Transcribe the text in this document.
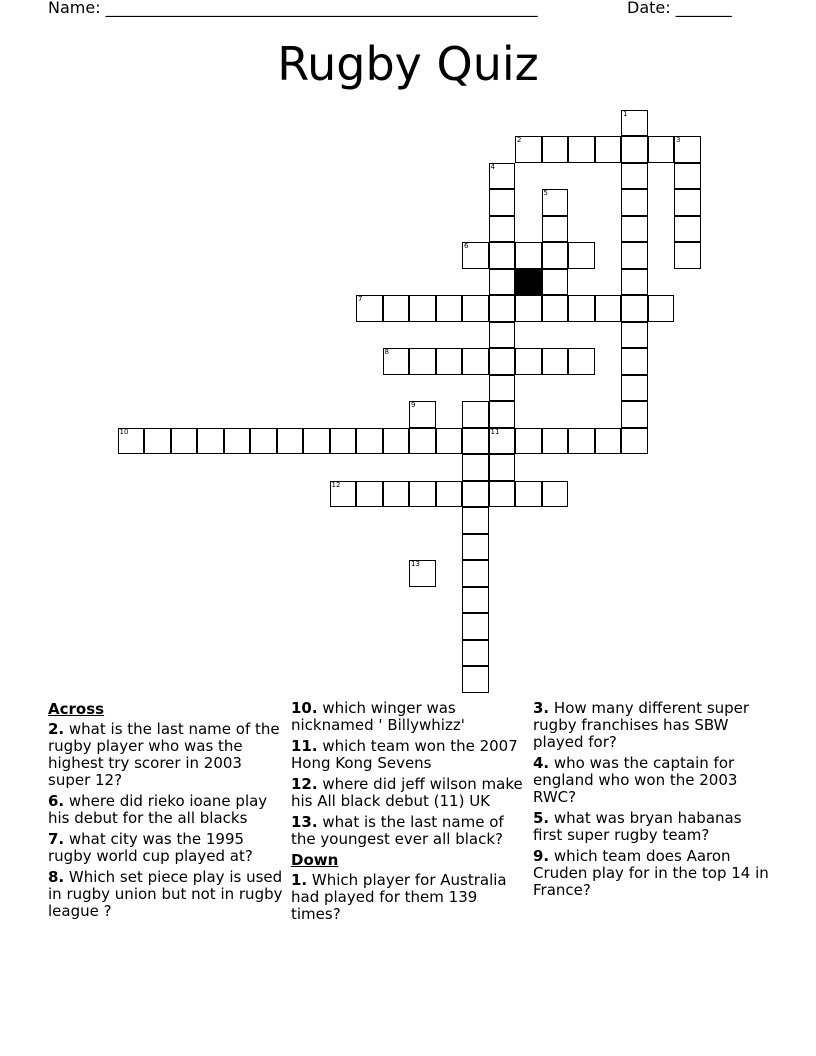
Name: ______________________________________________________	Date: _______
Rugby Quiz
1
2	3
4
5
6
7
8
10	11
12
9
13
Across
2. what is the last name of the rugby player who was the highest try scorer in 2003 super 12?
6. where did rieko ioane play his debut for the all blacks
7. what city was the 1995 rugby world cup played at?
8. Which set piece play is used in rugby union but not in rugby league ?
10. which winger was nicknamed ' Billywhizz'
11. which team won the 2007 Hong Kong Sevens
12. where did jeff wilson make his All black debut (11) UK
13. what is the last name of the youngest ever all black?
Down
1. Which player for Australia had played for them 139 times?
3. How many different super rugby franchises has SBW played for?
4. who was the captain for england who won the 2003 RWC?
5. what was bryan habanas first super rugby team?
9. which team does Aaron Cruden play for in the top 14 in France?
